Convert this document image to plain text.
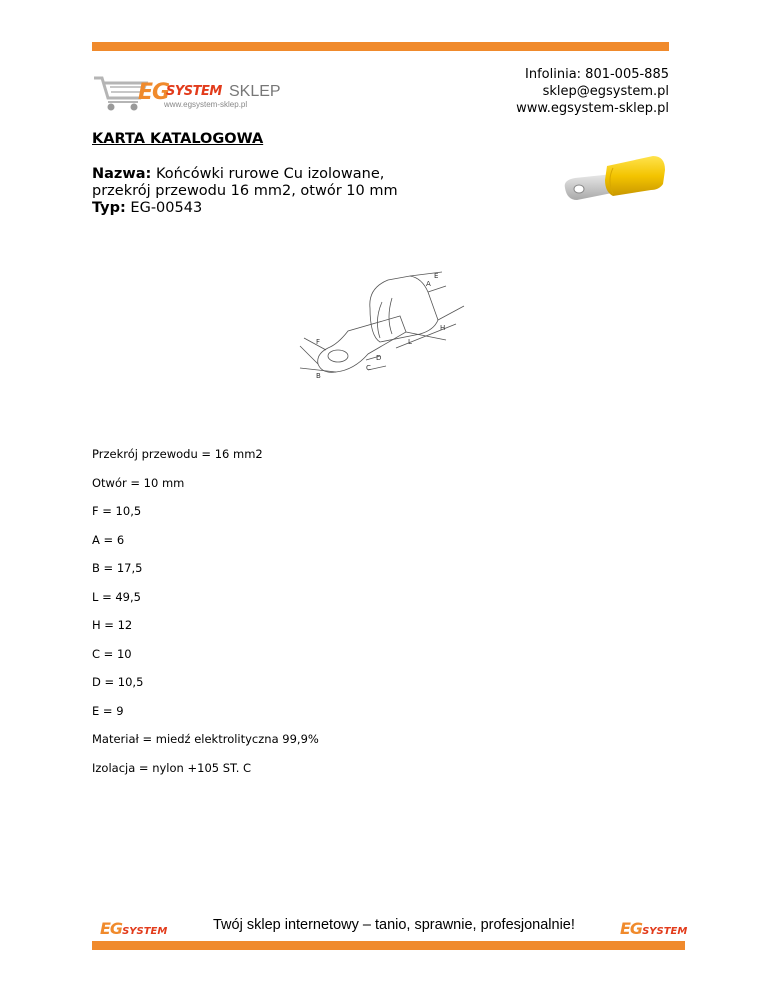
EG
SYSTEM SKLEP
www.egsystem-sklep.pl
Infolinia: 801-005-885
sklep@egsystem.pl
www.egsystem-sklep.pl
KARTA KATALOGOWA
Nazwa: Końcówki rurowe Cu izolowane,
przekrój przewodu 16 mm2, otwór 10 mm
Typ: EG-00543
E
A
H
L
F
D
C
B
Przekrój przewodu = 16 mm2
Otwór = 10 mm
F = 10,5
A = 6
B = 17,5
L = 49,5
H = 12
C = 10
D = 10,5
E = 9
Materiał = miedź elektrolityczna 99,9%
Izolacja = nylon +105 ST. C
EGSYSTEM	Twój sklep internetowy – tanio, sprawnie, profesjonalnie!	EGSYSTEM
